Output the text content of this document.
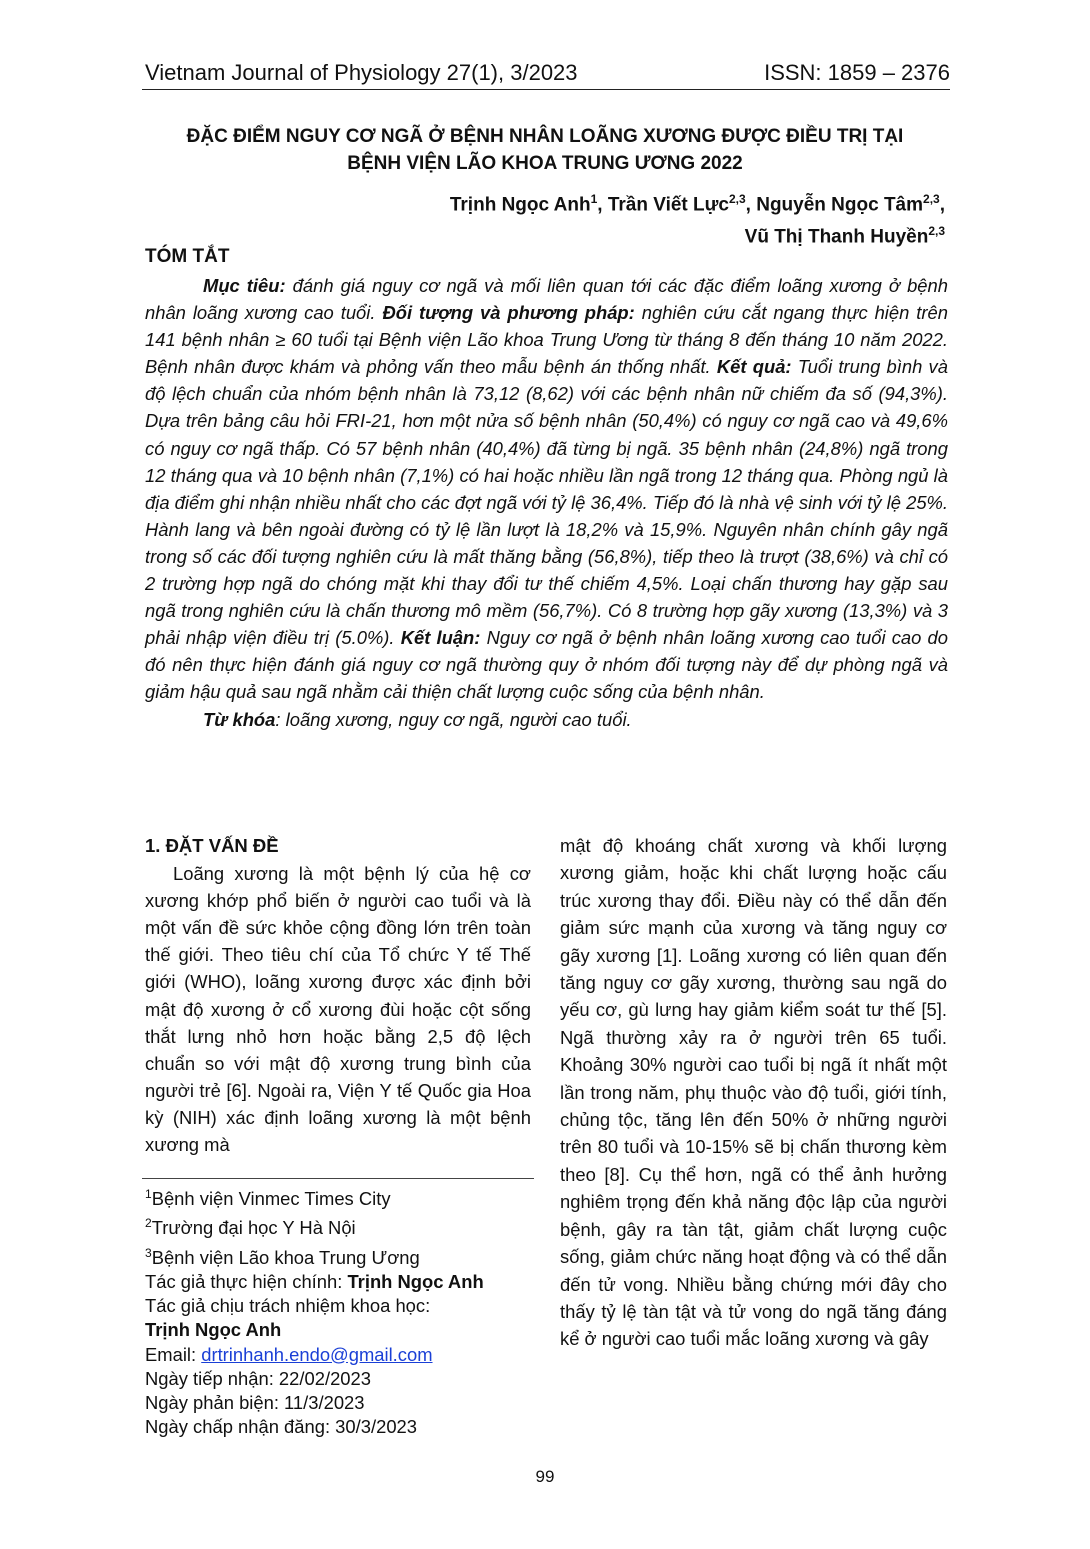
Vietnam Journal of Physiology 27(1), 3/2023	ISSN: 1859 – 2376
ĐẶC ĐIỂM NGUY CƠ NGÃ Ở BỆNH NHÂN LOÃNG XƯƠNG ĐƯỢC ĐIỀU TRỊ TẠI
BỆNH VIỆN LÃO KHOA TRUNG ƯƠNG 2022
Trịnh Ngọc Anh$^1$, Trần Viết Lực$^{2,3}$, Nguyễn Ngọc Tâm$^{2,3}$,
Vũ Thị Thanh Huyền$^{2,3}$
TÓM TẮT

Mục tiêu: đánh giá nguy cơ ngã và mối liên quan tới các đặc điểm loãng xương ở bệnh nhân loãng xương cao tuổi. Đối tượng và phương pháp: nghiên cứu cắt ngang thực hiện trên 141 bệnh nhân ≥ 60 tuổi tại Bệnh viện Lão khoa Trung Ương từ tháng 8 đến tháng 10 năm 2022. Bệnh nhân được khám và phỏng vấn theo mẫu bệnh án thống nhất. Kết quả: Tuổi trung bình và độ lệch chuẩn của nhóm bệnh nhân là 73,12 (8,62) với các bệnh nhân nữ chiếm đa số (94,3%). Dựa trên bảng câu hỏi FRI-21, hơn một nửa số bệnh nhân (50,4%) có nguy cơ ngã cao và 49,6% có nguy cơ ngã thấp. Có 57 bệnh nhân (40,4%) đã từng bị ngã. 35 bệnh nhân (24,8%) ngã trong 12 tháng qua và 10 bệnh nhân (7,1%) có hai hoặc nhiều lần ngã trong 12 tháng qua. Phòng ngủ là địa điểm ghi nhận nhiều nhất cho các đợt ngã với tỷ lệ 36,4%. Tiếp đó là nhà vệ sinh với tỷ lệ 25%. Hành lang và bên ngoài đường có tỷ lệ lần lượt là 18,2% và 15,9%. Nguyên nhân chính gây ngã trong số các đối tượng nghiên cứu là mất thăng bằng (56,8%), tiếp theo là trượt (38,6%) và chỉ có 2 trường hợp ngã do chóng mặt khi thay đổi tư thế chiếm 4,5%. Loại chấn thương hay gặp sau ngã trong nghiên cứu là chấn thương mô mềm (56,7%). Có 8 trường hợp gãy xương (13,3%) và 3 phải nhập viện điều trị (5.0%). Kết luận: Nguy cơ ngã ở bệnh nhân loãng xương cao tuổi cao do đó nên thực hiện đánh giá nguy cơ ngã thường quy ở nhóm đối tượng này để dự phòng ngã và giảm hậu quả sau ngã nhằm cải thiện chất lượng cuộc sống của bệnh nhân.

Từ khóa: loãng xương, nguy cơ ngã, người cao tuổi.

1. ĐẶT VẤN ĐỀ

Loãng xương là một bệnh lý của hệ cơ xương khớp phổ biến ở người cao tuổi và là một vấn đề sức khỏe cộng đồng lớn trên toàn thế giới. Theo tiêu chí của Tổ chức Y tế Thế giới (WHO), loãng xương được xác định bởi mật độ xương ở cổ xương đùi hoặc cột sống thắt lưng nhỏ hơn hoặc bằng 2,5 độ lệch chuẩn so với mật độ xương trung bình của người trẻ [6]. Ngoài ra, Viện Y tế Quốc gia Hoa kỳ (NIH) xác định loãng xương là một bệnh xương mà

$^1$Bệnh viện Vinmec Times City
$^2$Trường đại học Y Hà Nội
$^3$Bệnh viện Lão khoa Trung Ương
Tác giả thực hiện chính: Trịnh Ngọc Anh
Tác giả chịu trách nhiệm khoa học:
Trịnh Ngọc Anh
Email: drtrinhanh.endo@gmail.com
Ngày tiếp nhận: 22/02/2023
Ngày phản biện: 11/3/2023
Ngày chấp nhận đăng: 30/3/2023

mật độ khoáng chất xương và khối lượng xương giảm, hoặc khi chất lượng hoặc cấu trúc xương thay đổi. Điều này có thể dẫn đến giảm sức mạnh của xương và tăng nguy cơ gãy xương [1]. Loãng xương có liên quan đến tăng nguy cơ gãy xương, thường sau ngã do yếu cơ, gù lưng hay giảm kiểm soát tư thế [5]. Ngã thường xảy ra ở người trên 65 tuổi. Khoảng 30% người cao tuổi bị ngã ít nhất một lần trong năm, phụ thuộc vào độ tuổi, giới tính, chủng tộc, tăng lên đến 50% ở những người trên 80 tuổi và 10-15% sẽ bị chấn thương kèm theo [8]. Cụ thể hơn, ngã có thể ảnh hưởng nghiêm trọng đến khả năng độc lập của người bệnh, gây ra tàn tật, giảm chất lượng cuộc sống, giảm chức năng hoạt động và có thể dẫn đến tử vong. Nhiều bằng chứng mới đây cho thấy tỷ lệ tàn tật và tử vong do ngã tăng đáng kể ở người cao tuổi mắc loãng xương và gây

99
